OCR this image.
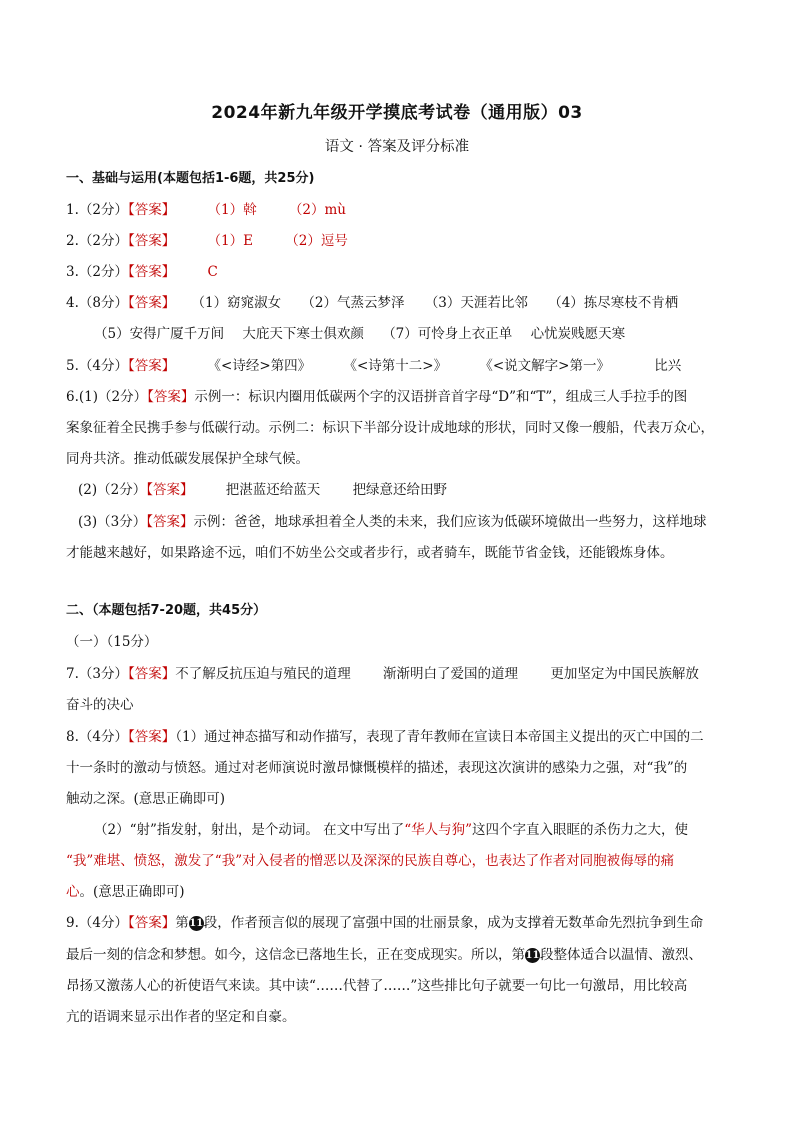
2024年新九年级开学摸底考试卷（通用版）03
语文 · 答案及评分标准
一、基础与运用(本题包括1-6题，共25分)
1.（2分）【答案】 （1）斡 （2）mù
2.（2分）【答案】 （1）E （2）逗号
3.（2分）【答案】 C
4.（8分）【答案】 （1）窈窕淑女 （2）气蒸云梦泽 （3）天涯若比邻 （4）拣尽寒枝不肯栖
（5）安得广厦千万间 大庇天下寒士俱欢颜 （7）可怜身上衣正单 心忧炭贱愿天寒
5.（4分）【答案】 《<诗经>第四》 《<诗第十二>》 《<说文解字>第一》	比兴
6.(1)（2分）【答案】示例一：标识内圈用低碳两个字的汉语拼音首字母“D”和“T”，组成三人手拉手的图
案象征着全民携手参与低碳行动。示例二：标识下半部分设计成地球的形状，同时又像一艘船，代表万众心，
同舟共济。推动低碳发展保护全球气候。
(2)（2分）【答案】 把湛蓝还给蓝天 把绿意还给田野
(3)（3分）【答案】示例：爸爸，地球承担着全人类的未来，我们应该为低碳环境做出一些努力，这样地球
才能越来越好，如果路途不远，咱们不妨坐公交或者步行，或者骑车，既能节省金钱，还能锻炼身体。
二、（本题包括7-20题，共45分）
（一）（15分）
7.（3分）【答案】不了解反抗压迫与殖民的道理 渐渐明白了爱国的道理 更加坚定为中国民族解放
奋斗的决心
8.（4分）【答案】（1）通过神态描写和动作描写，表现了青年教师在宣读日本帝国主义提出的灭亡中国的二
十一条时的激动与愤怒。通过对老师演说时激昂慷慨模样的描述，表现这次演讲的感染力之强，对“我”的
触动之深。(意思正确即可)
（2）“射”指发射，射出，是个动词。 在文中写出了“华人与狗”这四个字直入眼眶的杀伤力之大，使
“我”难堪、愤怒，激发了“我”对入侵者的憎恶以及深深的民族自尊心，也表达了作者对同胞被侮辱的痛
心。(意思正确即可)
9.（4分）【答案】第11段，作者预言似的展现了富强中国的壮丽景象，成为支撑着无数革命先烈抗争到生命
最后一刻的信念和梦想。如今，这信念已落地生长，正在变成现实。所以，第11段整体适合以温情、激烈、
昂扬又激荡人心的祈使语气来读。其中读“……代替了……”这些排比句子就要一句比一句激昂，用比较高
亢的语调来显示出作者的坚定和自豪。
